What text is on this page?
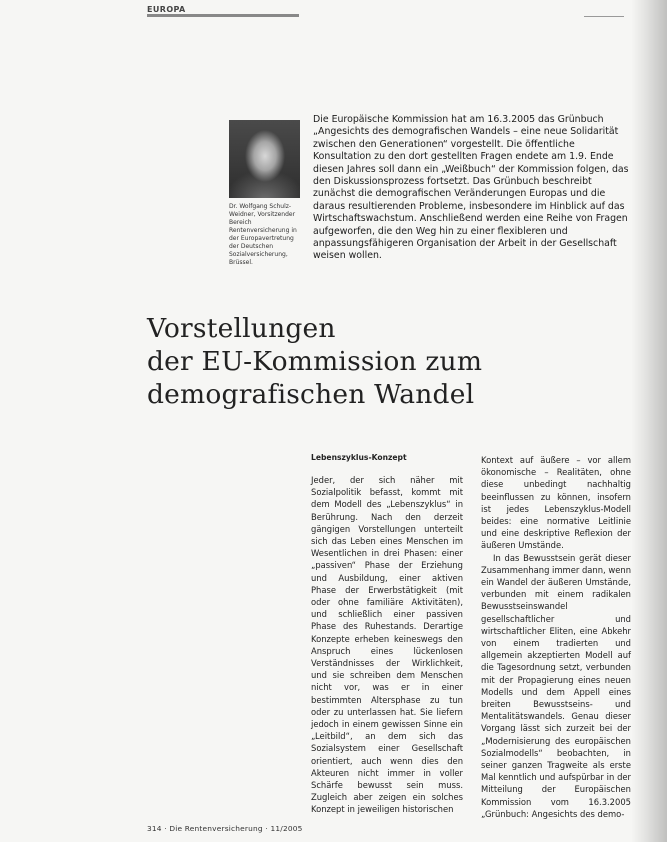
EUROPA
Dr. Wolfgang Schulz-Weidner, Vorsitzender Bereich Rentenversicherung in der Europavertretung der Deutschen Sozialversicherung, Brüssel.
Die Europäische Kommission hat am 16.3.2005 das Grünbuch „Angesichts des demografischen Wandels – eine neue Solidarität zwischen den Generationen“ vorgestellt. Die öffentliche Konsultation zu den dort gestellten Fragen endete am 1.9. Ende diesen Jahres soll dann ein „Weißbuch“ der Kommission folgen, das den Diskussionsprozess fortsetzt. Das Grünbuch beschreibt zunächst die demografischen Veränderungen Europas und die daraus resultierenden Probleme, insbesondere im Hinblick auf das Wirtschaftswachstum. Anschließend werden eine Reihe von Fragen aufgeworfen, die den Weg hin zu einer flexibleren und anpassungsfähigeren Organisation der Arbeit in der Gesellschaft weisen wollen.
Vorstellungen
der EU-Kommission zum
demografischen Wandel
Lebenszyklus-Konzept

Jeder, der sich näher mit Sozialpolitik befasst, kommt mit dem Modell des „Lebenszyklus“ in Berührung. Nach den derzeit gängigen Vorstellungen unterteilt sich das Leben eines Menschen im Wesentlichen in drei Phasen: einer „passiven“ Phase der Erziehung und Ausbildung, einer aktiven Phase der Erwerbstätigkeit (mit oder ohne familiäre Aktivitäten), und schließlich einer passiven Phase des Ruhestands. Derartige Konzepte erheben keineswegs den Anspruch eines lückenlosen Verständnisses der Wirklichkeit, und sie schreiben dem Menschen nicht vor, was er in einer bestimmten Altersphase zu tun oder zu unterlassen hat. Sie liefern jedoch in einem gewissen Sinne ein „Leitbild“, an dem sich das Sozialsystem einer Gesellschaft orientiert, auch wenn dies den Akteuren nicht immer in voller Schärfe bewusst sein muss. Zugleich aber zeigen ein solches Konzept in jeweiligen historischen

Kontext auf äußere – vor allem ökonomische – Realitäten, ohne diese unbedingt nachhaltig beeinflussen zu können, insofern ist jedes Lebenszyklus-Modell beides: eine normative Leitlinie und eine deskriptive Reflexion der äußeren Umstände.

In das Bewusstsein gerät dieser Zusammenhang immer dann, wenn ein Wandel der äußeren Umstände, verbunden mit einem radikalen Bewusstseinswandel gesellschaftlicher und wirtschaftlicher Eliten, eine Abkehr von einem tradierten und allgemein akzeptierten Modell auf die Tagesordnung setzt, verbunden mit der Propagierung eines neuen Modells und dem Appell eines breiten Bewusstseins- und Mentalitätswandels. Genau dieser Vorgang lässt sich zurzeit bei der „Modernisierung des europäischen Sozialmodells“ beobachten, in seiner ganzen Tragweite als erste Mal kenntlich und aufspürbar in der Mitteilung der Europäischen Kommission vom 16.3.2005 „Grünbuch: Angesichts des demo-

314 · Die Rentenversicherung · 11/2005
